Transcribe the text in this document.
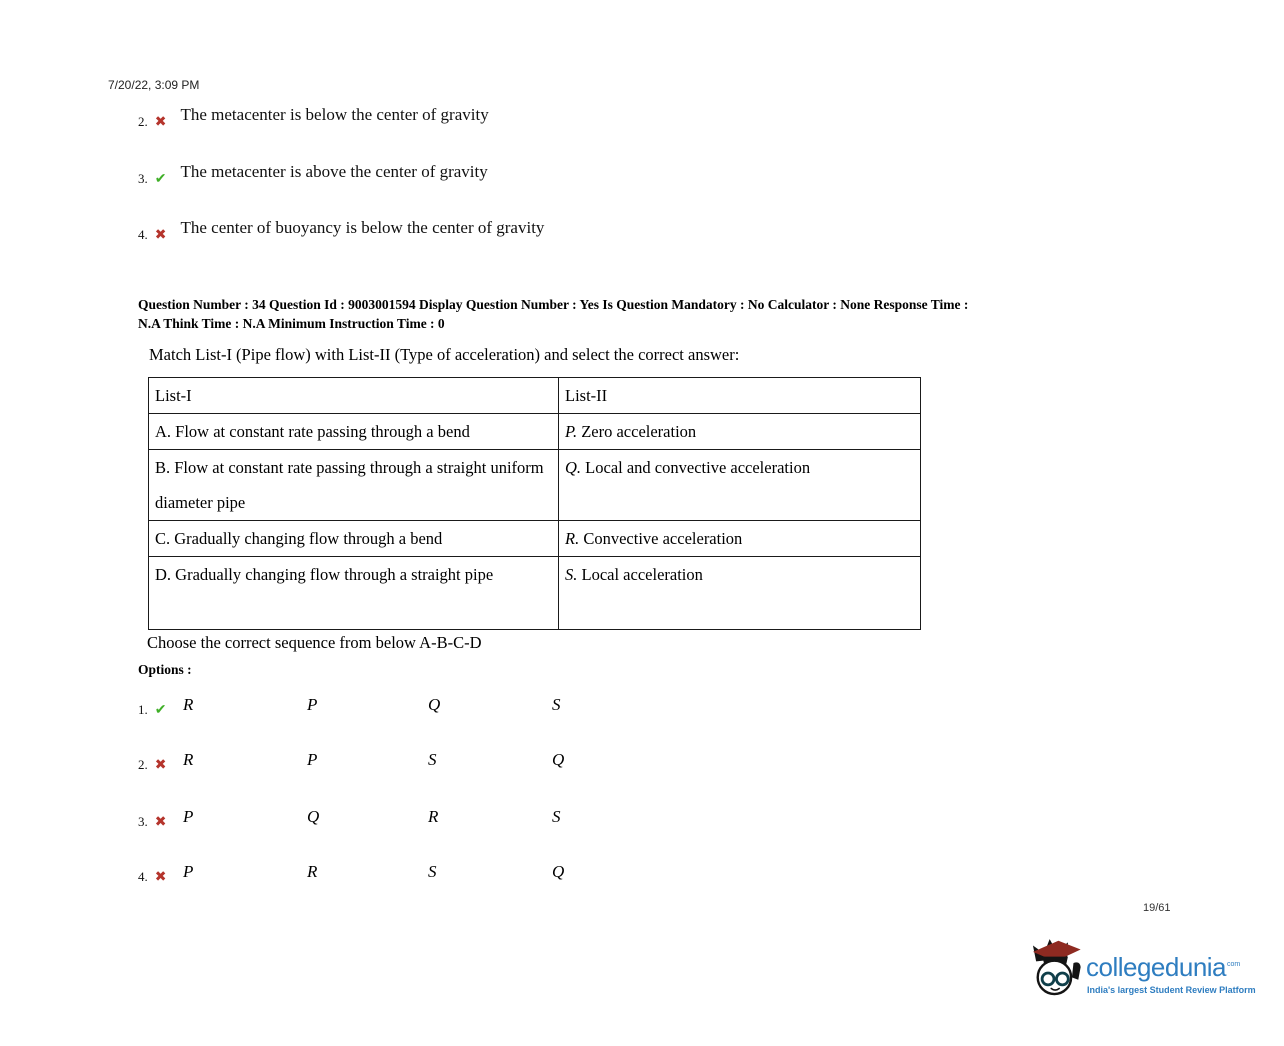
7/20/22, 3:09 PM
2. ✖ The metacenter is below the center of gravity
3. ✔ The metacenter is above the center of gravity
4. ✖ The center of buoyancy is below the center of gravity
Question Number : 34 Question Id : 9003001594 Display Question Number : Yes Is Question Mandatory : No Calculator : None Response Time :
N.A Think Time : N.A Minimum Instruction Time : 0
Match List-I (Pipe flow) with List-II (Type of acceleration) and select the correct answer:
List-I	List-II
A. Flow at constant rate passing through a bend	P. Zero acceleration
B. Flow at constant rate passing through a straight uniform diameter pipe	Q. Local and convective acceleration
C. Gradually changing flow through a bend	R. Convective acceleration
D. Gradually changing flow through a straight pipe	S. Local acceleration
Choose the correct sequence from below A-B-C-D
Options :
1. ✔ R	P	Q	S
2. ✖ R	P	S	Q
3. ✖ P	Q	R	S
4. ✖ P	R	S	Q
19/61
collegeduniacom
India's largest Student Review Platform
